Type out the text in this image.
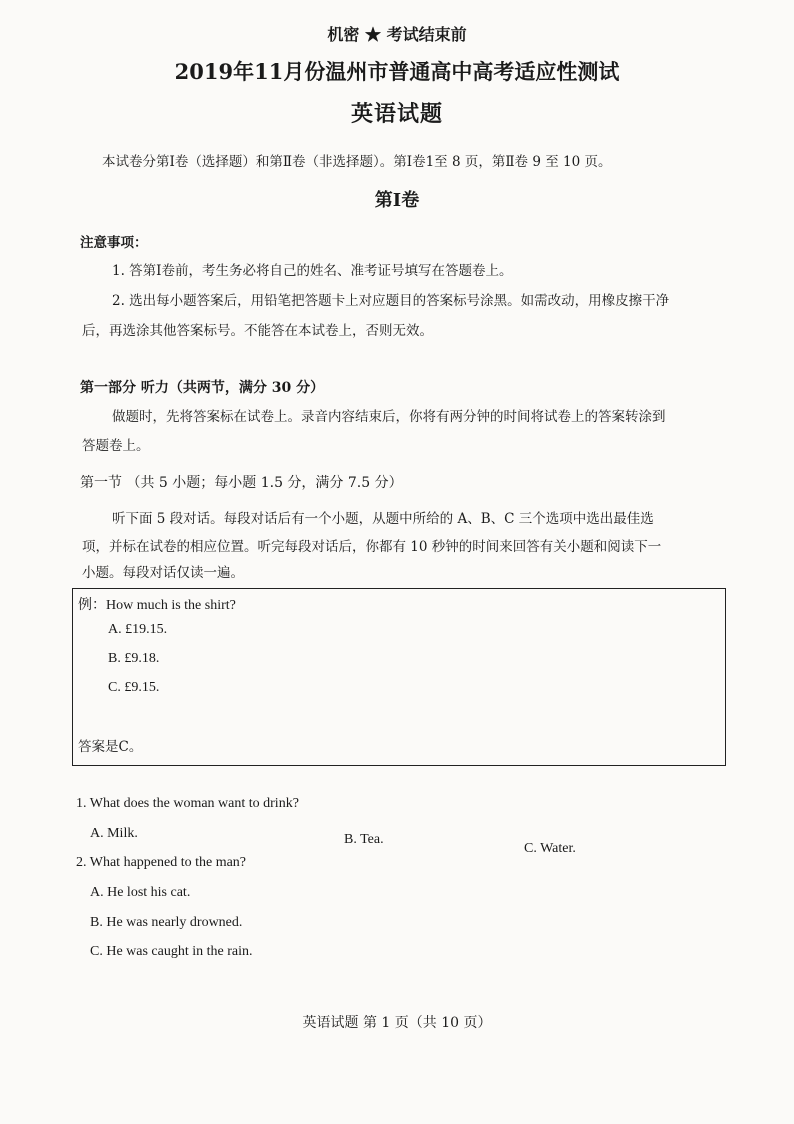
机密 ★ 考试结束前
2019年11月份温州市普通高中高考适应性测试
英语试题
本试卷分第Ⅰ卷（选择题）和第Ⅱ卷（非选择题）。第Ⅰ卷1至 8 页，第Ⅱ卷 9 至 10 页。
第Ⅰ卷
注意事项：
1. 答第Ⅰ卷前，考生务必将自己的姓名、准考证号填写在答题卷上。
2. 选出每小题答案后，用铅笔把答题卡上对应题目的答案标号涂黑。如需改动，用橡皮擦干净
后，再选涂其他答案标号。不能答在本试卷上，否则无效。
第一部分 听力（共两节，满分 30 分）
做题时，先将答案标在试卷上。录音内容结束后，你将有两分钟的时间将试卷上的答案转涂到
答题卷上。
第一节 （共 5 小题；每小题 1.5 分，满分 7.5 分）
听下面 5 段对话。每段对话后有一个小题，从题中所给的 A、B、C 三个选项中选出最佳选
项，并标在试卷的相应位置。听完每段对话后，你都有 10 秒钟的时间来回答有关小题和阅读下一
小题。每段对话仅读一遍。
例：How much is the shirt?
A. £19.15.
B. £9.18.
C. £9.15.
答案是C。
1. What does the woman want to drink?
A. Milk.	B. Tea.
C. Water.
2. What happened to the man?
A. He lost his cat.
B. He was nearly drowned.
C. He was caught in the rain.
英语试题 第 1 页（共 10 页）
